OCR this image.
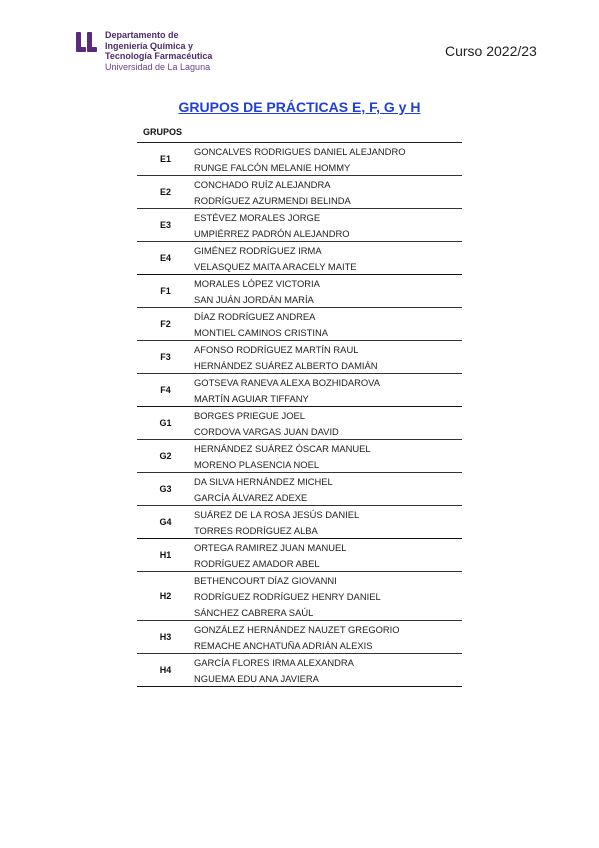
Departamento de
Ingeniería Química y
Tecnología Farmacéutica
Universidad de La Laguna
Curso 2022/23
GRUPOS DE PRÁCTICAS E, F, G y H
GRUPOS
E1
GONCALVES RODRIGUES DANIEL ALEJANDRO
RUNGE FALCÓN MELANIE HOMMY
E2
CONCHADO RUÍZ ALEJANDRA
RODRÍGUEZ AZURMENDI BELINDA
E3
ESTÉVEZ MORALES JORGE
UMPIÉRREZ PADRÓN ALEJANDRO
E4
GIMÉNEZ RODRÍGUEZ IRMA
VELASQUEZ MAITA ARACELY MAITE
F1
MORALES LÓPEZ VICTORIA
SAN JUÁN JORDÁN MARÍA
F2
DÍAZ RODRÍGUEZ ANDREA
MONTIEL CAMINOS CRISTINA
F3
AFONSO RODRÍGUEZ MARTÍN RAUL
HERNÁNDEZ SUÁREZ ALBERTO DAMIÁN
F4
GOTSEVA RANEVA ALEXA BOZHIDAROVA
MARTÍN AGUIAR TIFFANY
G1
BORGES PRIEGUE JOEL
CORDOVA VARGAS JUAN DAVID
G2
HERNÁNDEZ SUÁREZ ÓSCAR MANUEL
MORENO PLASENCIA NOEL
G3
DA SILVA HERNÁNDEZ MICHEL
GARCÍA ÁLVAREZ ADEXE
G4
SUÁREZ DE LA ROSA JESÚS DANIEL
TORRES RODRÍGUEZ ALBA
H1
ORTEGA RAMIREZ JUAN MANUEL
RODRÍGUEZ AMADOR ABEL
H2
BETHENCOURT DÍAZ GIOVANNI
RODRÍGUEZ RODRÍGUEZ HENRY DANIEL
SÁNCHEZ CABRERA SAÚL
H3
GONZÁLEZ HERNÁNDEZ NAUZET GREGORIO
REMACHE ANCHATUÑA ADRIÁN ALEXIS
H4
GARCÍA FLORES IRMA ALEXANDRA
NGUEMA EDU ANA JAVIERA
